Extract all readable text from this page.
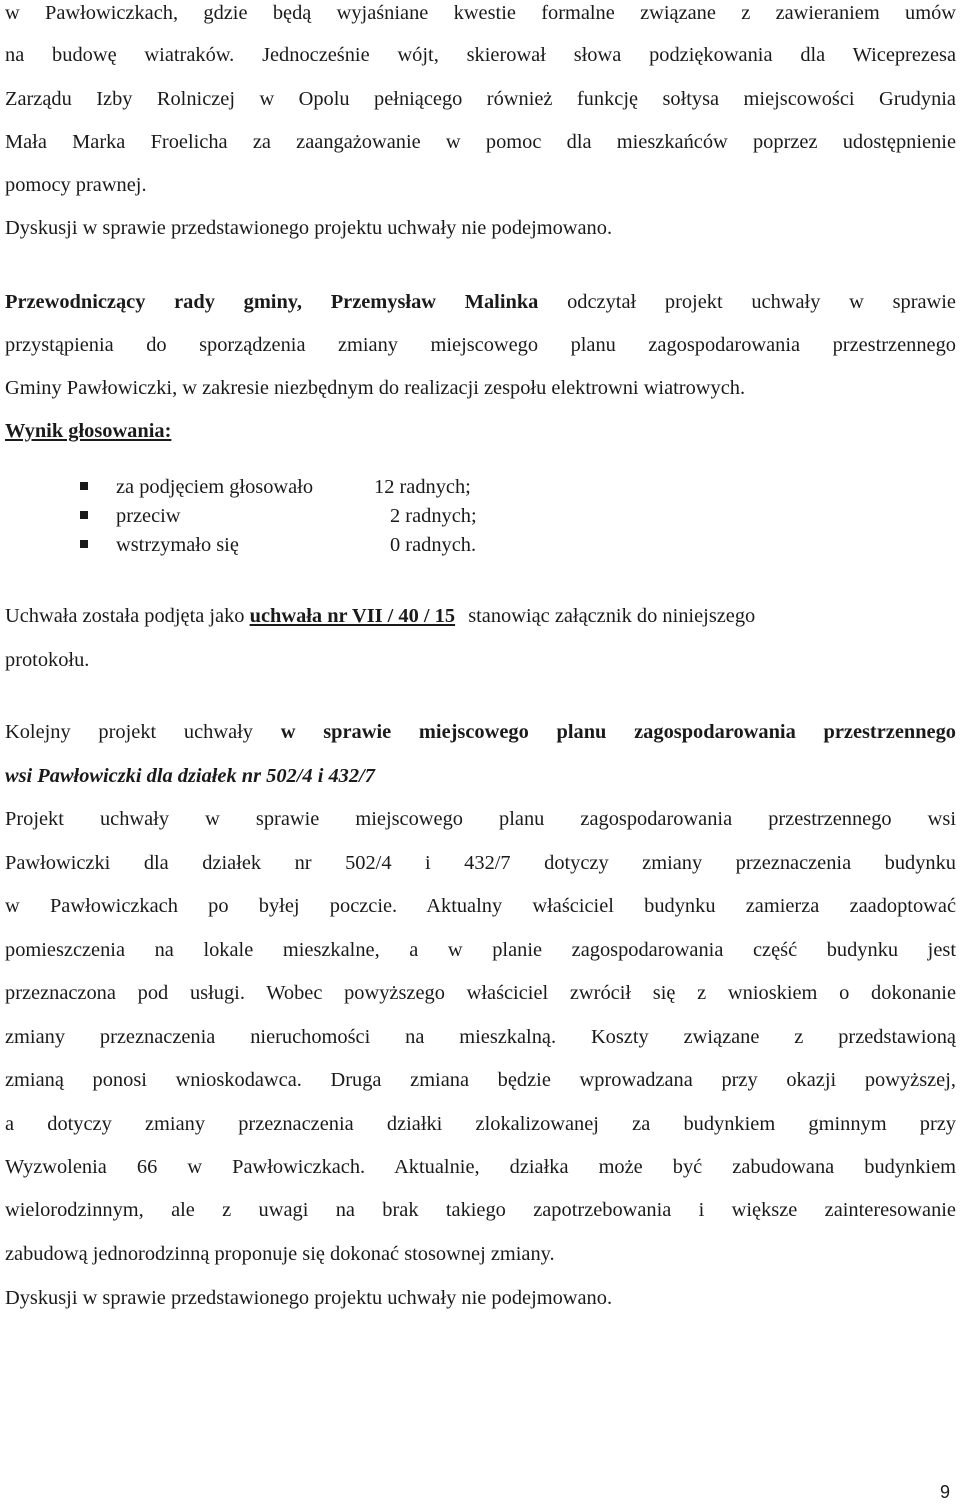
w Pawłowiczkach, gdzie będą wyjaśniane kwestie formalne związane z zawieraniem umów
na budowę wiatraków. Jednocześnie wójt, skierował słowa podziękowania dla Wiceprezesa
Zarządu Izby Rolniczej w Opolu pełniącego również funkcję sołtysa miejscowości Grudynia
Mała Marka Froelicha za zaangażowanie w pomoc dla mieszkańców poprzez udostępnienie
pomocy prawnej.
Dyskusji w sprawie przedstawionego projektu uchwały nie podejmowano.
Przewodniczący rady gminy, Przemysław Malinka odczytał projekt uchwały w sprawie
przystąpienia do sporządzenia zmiany miejscowego planu zagospodarowania przestrzennego
Gminy Pawłowiczki, w zakresie niezbędnym do realizacji zespołu elektrowni wiatrowych.
Wynik głosowania:
za podjęciem głosowało	12 radnych;
przeciw	2 radnych;
wstrzymało się	0 radnych.
Uchwała została podjęta jako uchwała nr VII / 40 / 15 stanowiąc załącznik do niniejszego
protokołu.
Kolejny projekt uchwały w sprawie miejscowego planu zagospodarowania przestrzennego
wsi Pawłowiczki dla działek nr 502/4 i 432/7
Projekt uchwały w sprawie miejscowego planu zagospodarowania przestrzennego wsi
Pawłowiczki dla działek nr 502/4 i 432/7 dotyczy zmiany przeznaczenia budynku
w Pawłowiczkach po byłej poczcie. Aktualny właściciel budynku zamierza zaadoptować
pomieszczenia na lokale mieszkalne, a w planie zagospodarowania część budynku jest
przeznaczona pod usługi. Wobec powyższego właściciel zwrócił się z wnioskiem o dokonanie
zmiany przeznaczenia nieruchomości na mieszkalną. Koszty związane z przedstawioną
zmianą ponosi wnioskodawca. Druga zmiana będzie wprowadzana przy okazji powyższej,
a dotyczy zmiany przeznaczenia działki zlokalizowanej za budynkiem gminnym przy
Wyzwolenia 66 w Pawłowiczkach. Aktualnie, działka może być zabudowana budynkiem
wielorodzinnym, ale z uwagi na brak takiego zapotrzebowania i większe zainteresowanie
zabudową jednorodzinną proponuje się dokonać stosownej zmiany.
Dyskusji w sprawie przedstawionego projektu uchwały nie podejmowano.
9
